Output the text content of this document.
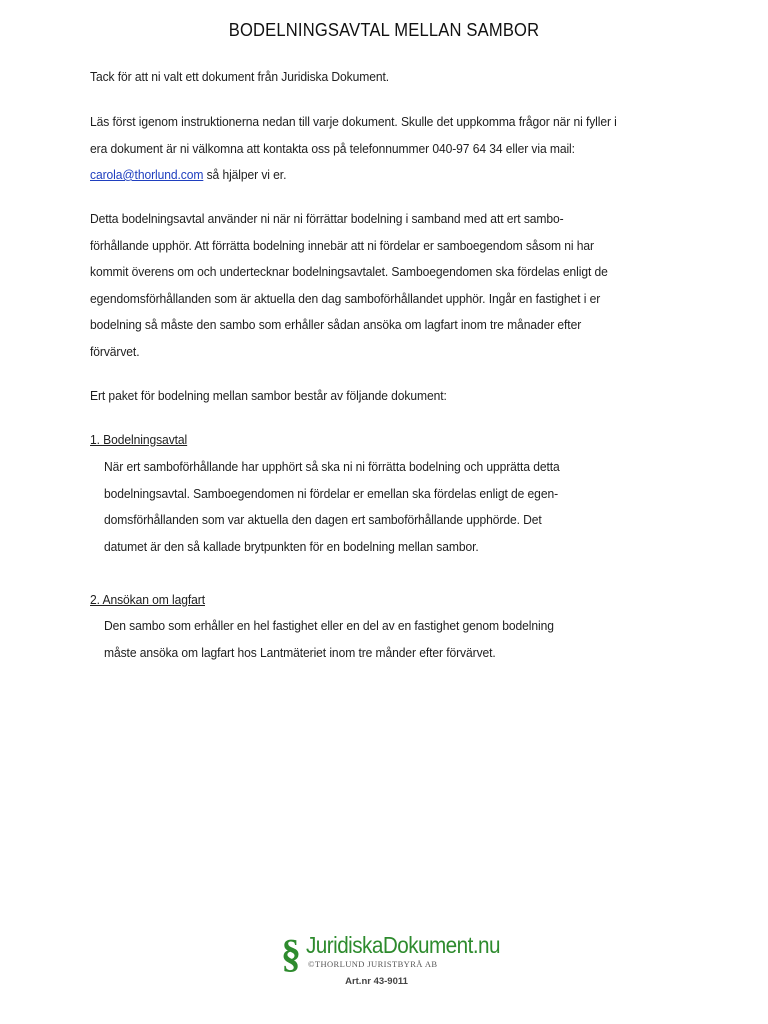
BODELNINGSAVTAL MELLAN SAMBOR
Tack för att ni valt ett dokument från Juridiska Dokument.
Läs först igenom instruktionerna nedan till varje dokument. Skulle det uppkomma frågor när ni fyller i
era dokument är ni välkomna att kontakta oss på telefonnummer 040-97 64 34 eller via mail:
carola@thorlund.com så hjälper vi er.
Detta bodelningsavtal använder ni när ni förrättar bodelning i samband med att ert sambo-
förhållande upphör. Att förrätta bodelning innebär att ni fördelar er samboegendom såsom ni har
kommit överens om och undertecknar bodelningsavtalet. Samboegendomen ska fördelas enligt de
egendomsförhållanden som är aktuella den dag samboförhållandet upphör. Ingår en fastighet i er
bodelning så måste den sambo som erhåller sådan ansöka om lagfart inom tre månader efter
förvärvet.
Ert paket för bodelning mellan sambor består av följande dokument:
1. Bodelningsavtal
När ert samboförhållande har upphört så ska ni ni förrätta bodelning och upprätta detta
bodelningsavtal. Samboegendomen ni fördelar er emellan ska fördelas enligt de egen-
domsförhållanden som var aktuella den dagen ert samboförhållande upphörde. Det
datumet är den så kallade brytpunkten för en bodelning mellan sambor.
2. Ansökan om lagfart
Den sambo som erhåller en hel fastighet eller en del av en fastighet genom bodelning
måste ansöka om lagfart hos Lantmäteriet inom tre månder efter förvärvet.
§ JuridiskaDokument.nu
©THORLUND JURISTBYRÅ AB
Art.nr 43-9011
